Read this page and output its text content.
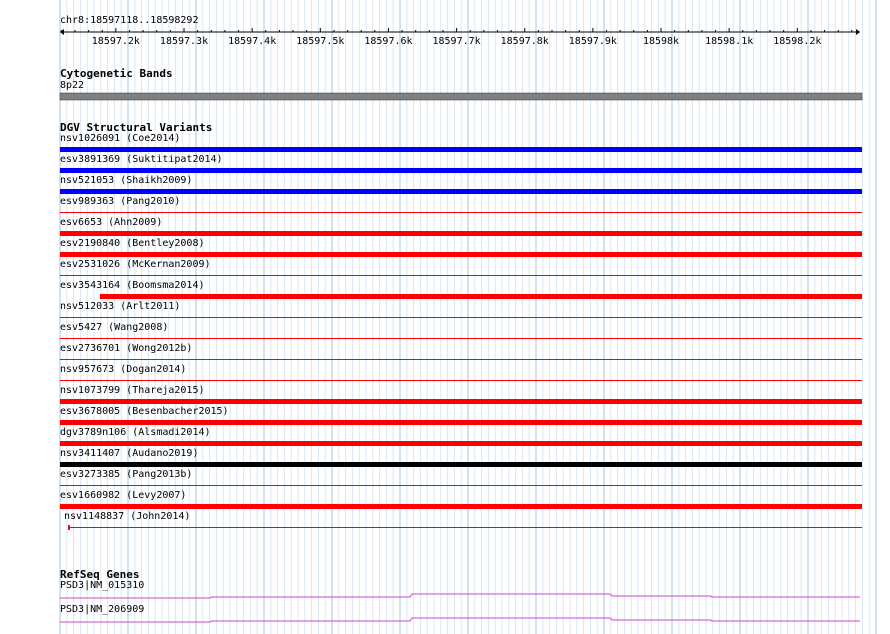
chr8:18597118..18598292
18597.2k 18597.3k 18597.4k 18597.5k 18597.6k 18597.7k 18597.8k 18597.9k	18598k	18598.1k 18598.2k
Cytogenetic Bands
8p22
DGV Structural Variants
nsv1026091 (Coe2014)
esv3891369 (Suktitipat2014)
nsv521053 (Shaikh2009)
esv989363 (Pang2010)
esv6653 (Ahn2009)
esv2190840 (Bentley2008)
esv2531026 (McKernan2009)
esv3543164 (Boomsma2014)
nsv512033 (Arlt2011)
esv5427 (Wang2008)
esv2736701 (Wong2012b)
nsv957673 (Dogan2014)
nsv1073799 (Thareja2015)
esv3678005 (Besenbacher2015)
dgv3789n106 (Alsmadi2014)
nsv3411407 (Audano2019)
esv3273385 (Pang2013b)
esv1660982 (Levy2007)
nsv1148837 (John2014)
RefSeq Genes
PSD3|NM_015310
PSD3|NM_206909
